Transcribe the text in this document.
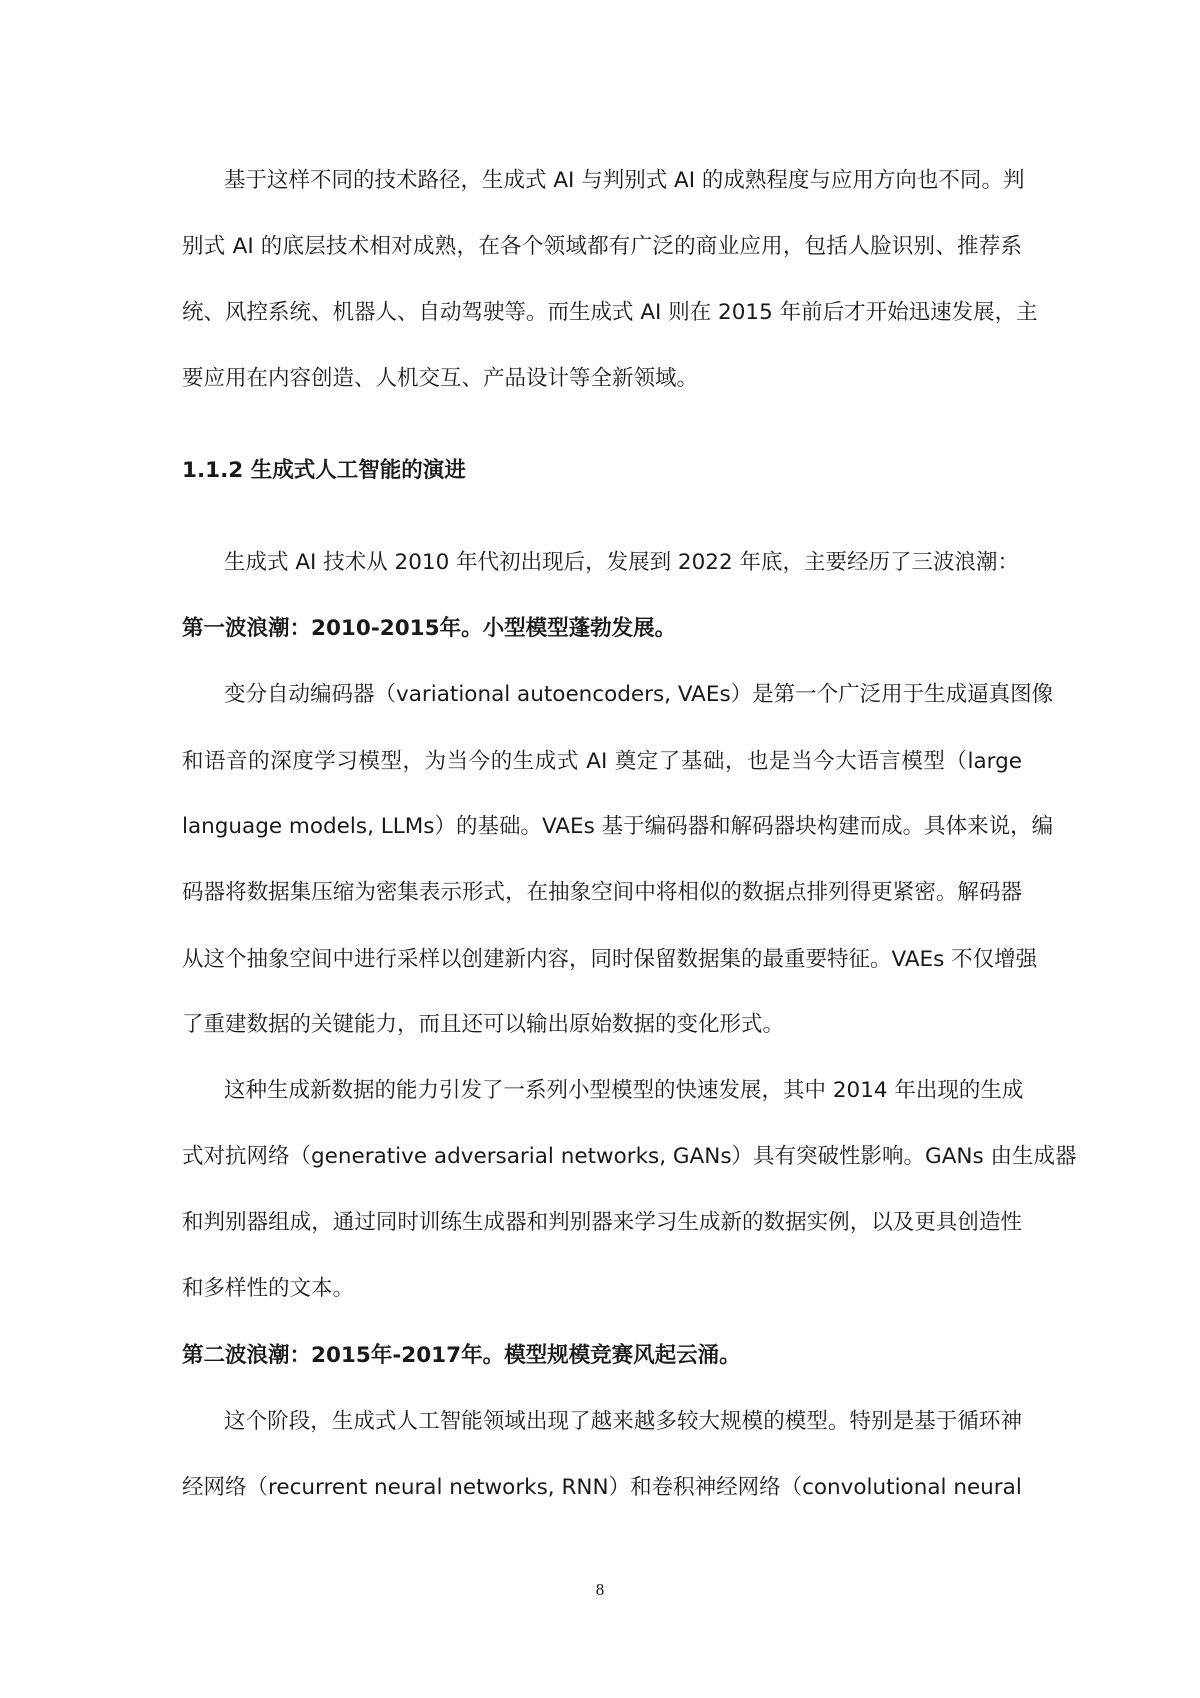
基于这样不同的技术路径，生成式 AI 与判别式 AI 的成熟程度与应用方向也不同。判
别式 AI 的底层技术相对成熟，在各个领域都有广泛的商业应用，包括人脸识别、推荐系
统、风控系统、机器人、自动驾驶等。而生成式 AI 则在 2015 年前后才开始迅速发展，主
要应用在内容创造、人机交互、产品设计等全新领域。
1.1.2 生成式人工智能的演进
生成式 AI 技术从 2010 年代初出现后，发展到 2022 年底，主要经历了三波浪潮：
第一波浪潮：2010-2015年。小型模型蓬勃发展。
变分自动编码器（variational autoencoders, VAEs）是第一个广泛用于生成逼真图像
和语音的深度学习模型，为当今的生成式 AI 奠定了基础，也是当今大语言模型（large
language models, LLMs）的基础。VAEs 基于编码器和解码器块构建而成。具体来说，编
码器将数据集压缩为密集表示形式，在抽象空间中将相似的数据点排列得更紧密。解码器
从这个抽象空间中进行采样以创建新内容，同时保留数据集的最重要特征。VAEs 不仅增强
了重建数据的关键能力，而且还可以输出原始数据的变化形式。
这种生成新数据的能力引发了一系列小型模型的快速发展，其中 2014 年出现的生成
式对抗网络（generative adversarial networks, GANs）具有突破性影响。GANs 由生成器
和判别器组成，通过同时训练生成器和判别器来学习生成新的数据实例，以及更具创造性
和多样性的文本。
第二波浪潮：2015年-2017年。模型规模竞赛风起云涌。
这个阶段，生成式人工智能领域出现了越来越多较大规模的模型。特别是基于循环神
经网络（recurrent neural networks, RNN）和卷积神经网络（convolutional neural
8
